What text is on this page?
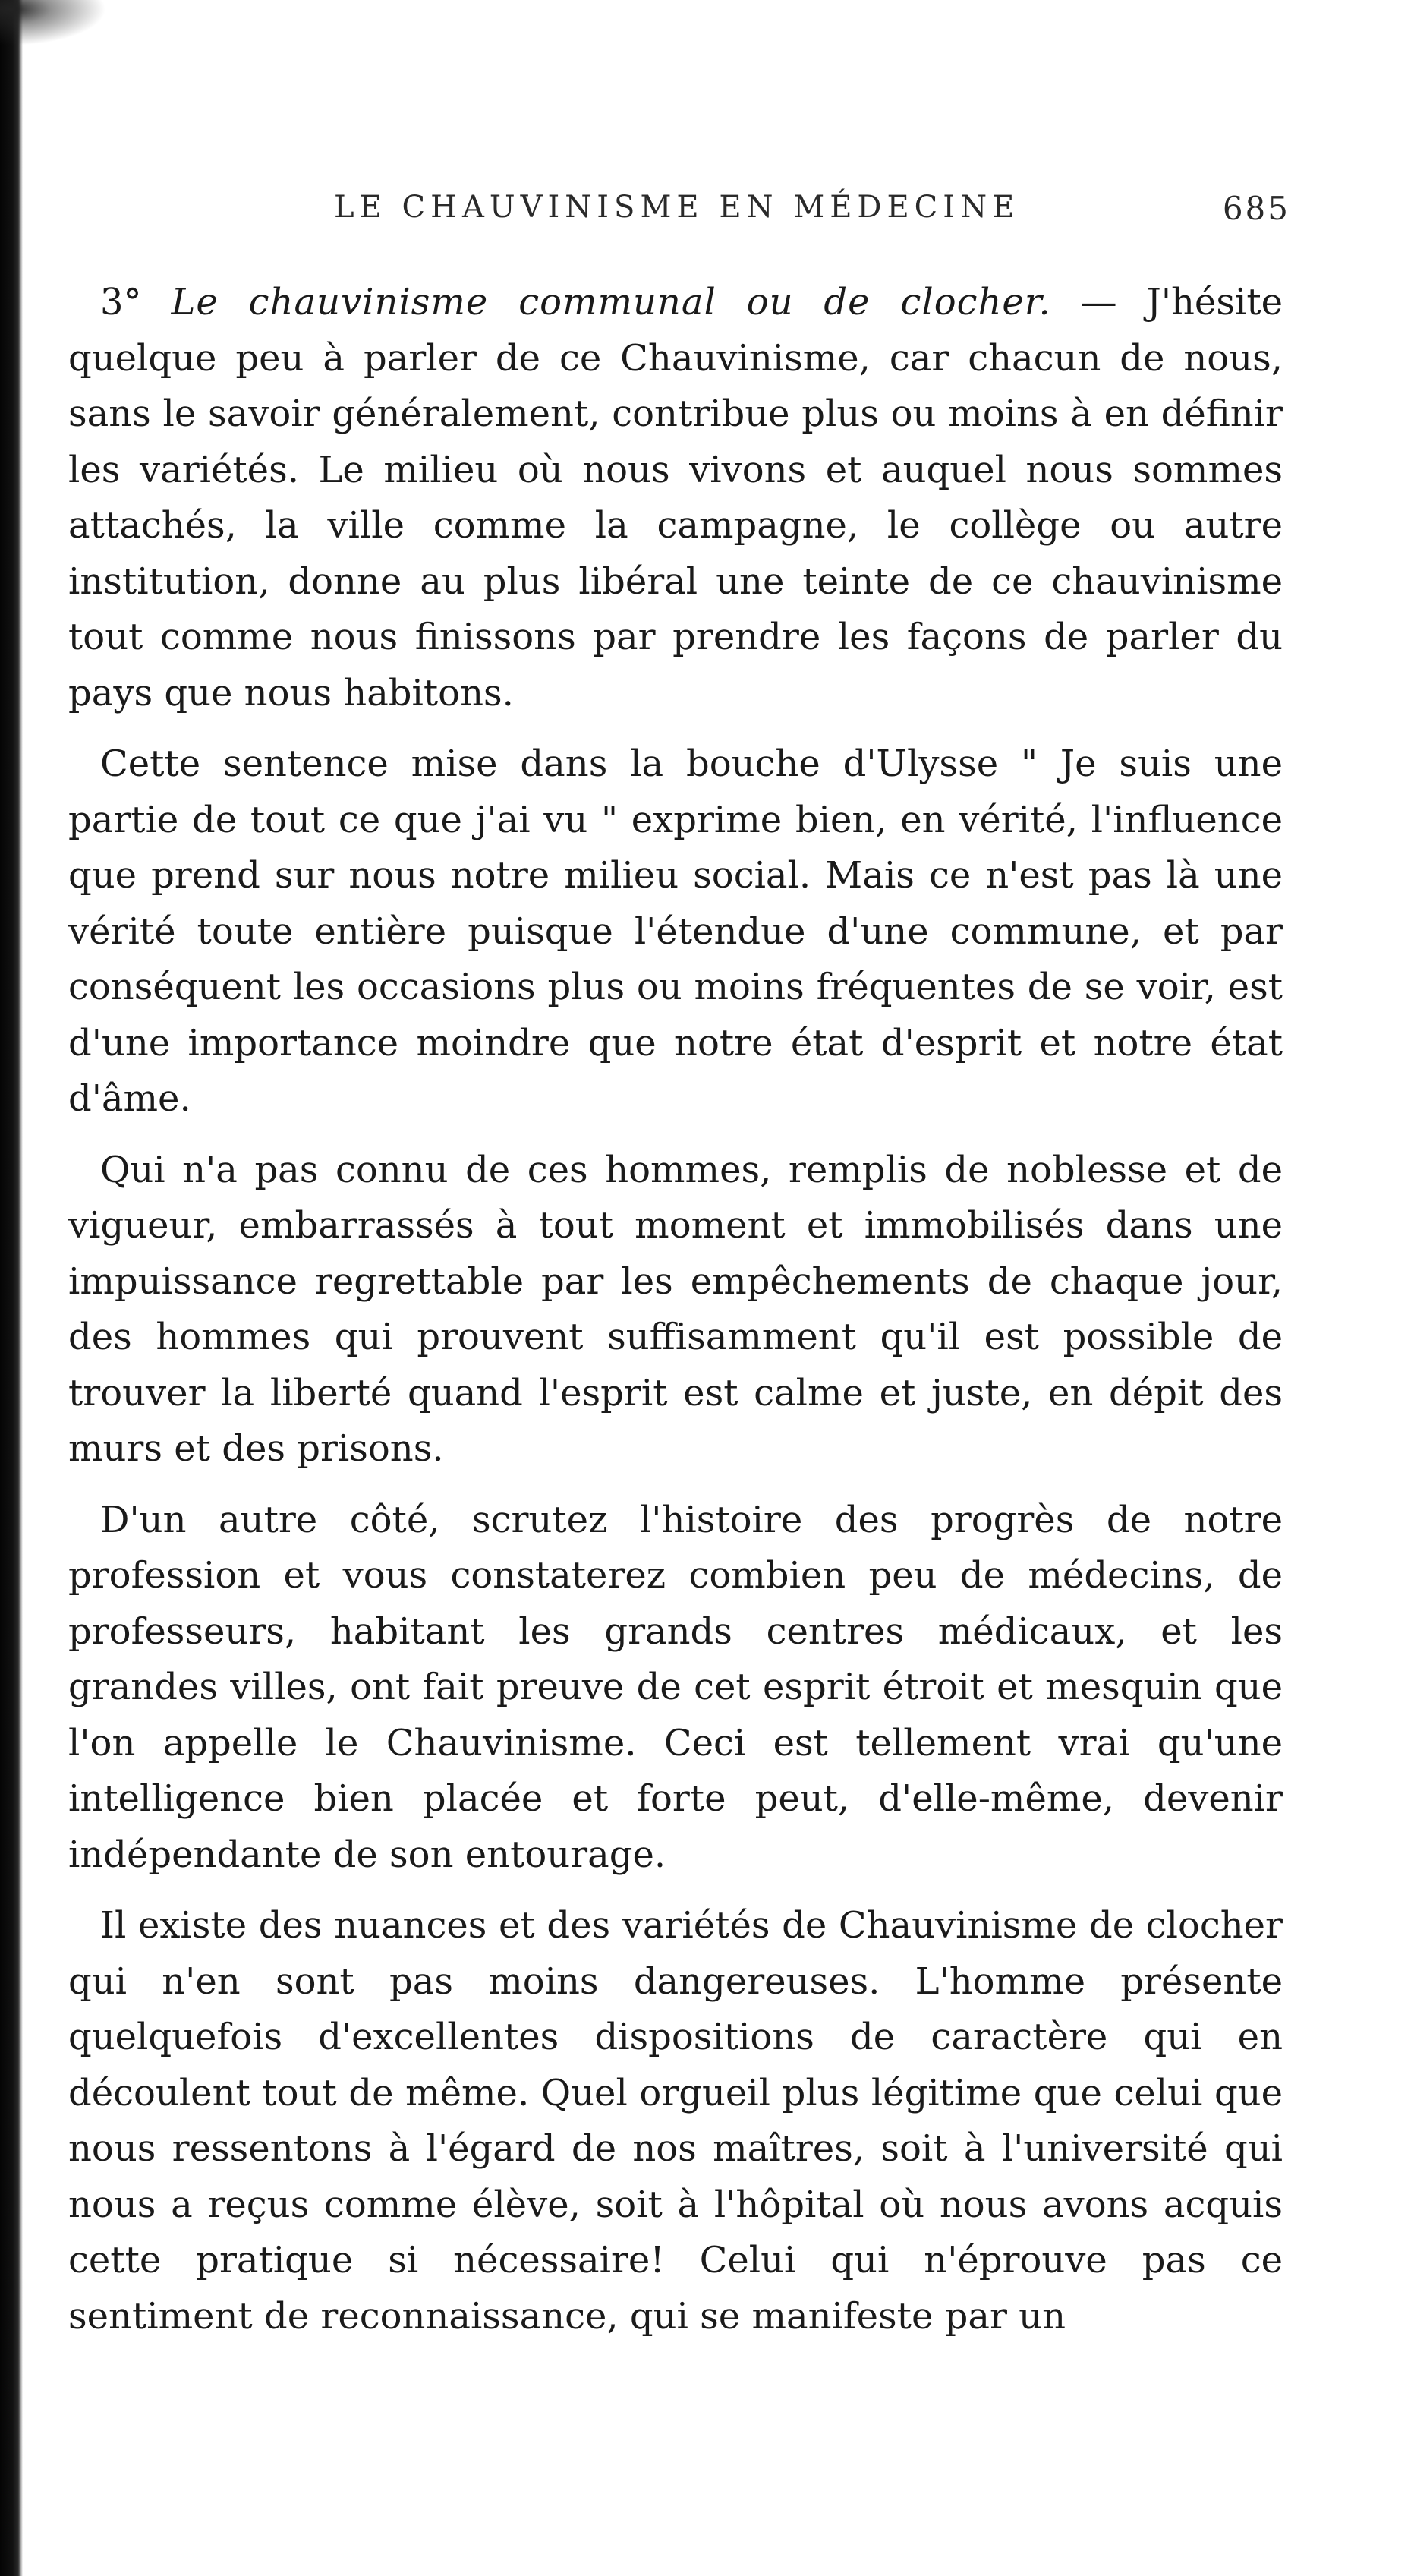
LE CHAUVINISME EN MÉDECINE	685

3° Le chauvinisme communal ou de clocher. — J'hésite quelque peu à parler de ce Chauvinisme, car chacun de nous, sans le savoir généralement, contribue plus ou moins à en définir les variétés. Le milieu où nous vivons et auquel nous sommes attachés, la ville comme la campagne, le collège ou autre institution, donne au plus libéral une teinte de ce chauvinisme tout comme nous finissons par prendre les façons de parler du pays que nous habitons.

Cette sentence mise dans la bouche d'Ulysse " Je suis une partie de tout ce que j'ai vu " exprime bien, en vérité, l'influence que prend sur nous notre milieu social. Mais ce n'est pas là une vérité toute entière puisque l'étendue d'une commune, et par conséquent les occasions plus ou moins fréquentes de se voir, est d'une importance moindre que notre état d'esprit et notre état d'âme.

Qui n'a pas connu de ces hommes, remplis de noblesse et de vigueur, embarrassés à tout moment et immobilisés dans une impuissance regrettable par les empêchements de chaque jour, des hommes qui prouvent suffisamment qu'il est possible de trouver la liberté quand l'esprit est calme et juste, en dépit des murs et des prisons.

D'un autre côté, scrutez l'histoire des progrès de notre profession et vous constaterez combien peu de médecins, de professeurs, habitant les grands centres médicaux, et les grandes villes, ont fait preuve de cet esprit étroit et mesquin que l'on appelle le Chauvinisme. Ceci est tellement vrai qu'une intelligence bien placée et forte peut, d'elle-même, devenir indépendante de son entourage.

Il existe des nuances et des variétés de Chauvinisme de clocher qui n'en sont pas moins dangereuses. L'homme présente quelquefois d'excellentes dispositions de caractère qui en découlent tout de même. Quel orgueil plus légitime que celui que nous ressentons à l'égard de nos maîtres, soit à l'université qui nous a reçus comme élève, soit à l'hôpital où nous avons acquis cette pratique si nécessaire! Celui qui n'éprouve pas ce sentiment de reconnaissance, qui se manifeste par un
